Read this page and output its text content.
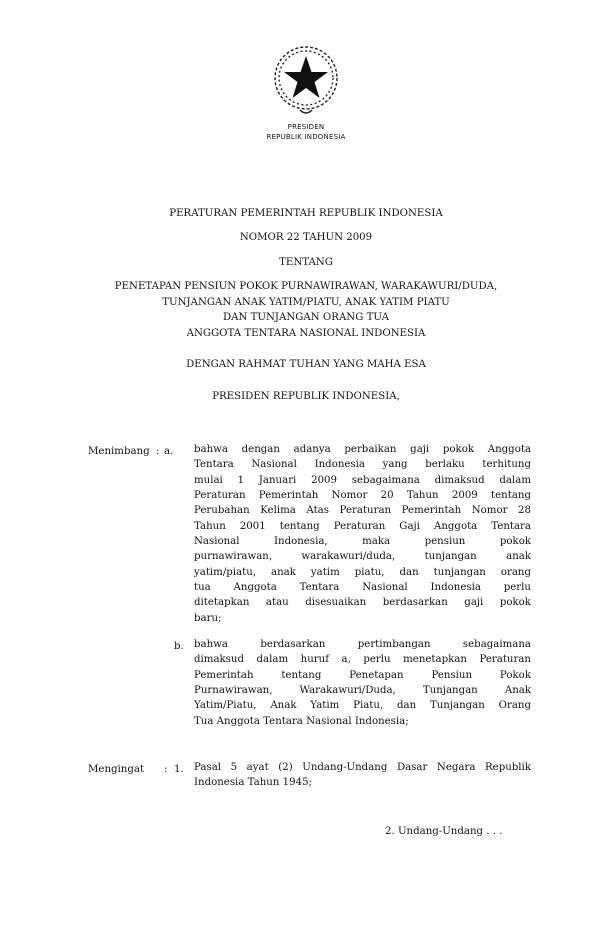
PRESIDEN
REPUBLIK INDONESIA
PERATURAN PEMERINTAH REPUBLIK INDONESIA
NOMOR 22 TAHUN 2009
TENTANG
PENETAPAN PENSIUN POKOK PURNAWIRAWAN, WARAKAWURI/DUDA,
TUNJANGAN ANAK YATIM/PIATU, ANAK YATIM PIATU
DAN TUNJANGAN ORANG TUA
ANGGOTA TENTARA NASIONAL INDONESIA
DENGAN RAHMAT TUHAN YANG MAHA ESA
PRESIDEN REPUBLIK INDONESIA,
Menimbang : a. bahwa dengan adanya perbaikan gaji pokok Anggota
Tentara Nasional Indonesia yang berlaku terhitung
mulai 1 Januari 2009 sebagaimana dimaksud dalam
Peraturan Pemerintah Nomor 20 Tahun 2009 tentang
Perubahan Kelima Atas Peraturan Pemerintah Nomor 28
Tahun 2001 tentang Peraturan Gaji Anggota Tentara
Nasional Indonesia, maka pensiun pokok
purnawirawan, warakawuri/duda, tunjangan anak
yatim/piatu, anak yatim piatu, dan tunjangan orang
tua Anggota Tentara Nasional Indonesia perlu
ditetapkan atau disesuaikan berdasarkan gaji pokok
baru;
b. bahwa berdasarkan pertimbangan sebagaimana
dimaksud dalam huruf a, perlu menetapkan Peraturan
Pemerintah tentang Penetapan Pensiun Pokok
Purnawirawan, Warakawuri/Duda, Tunjangan Anak
Yatim/Piatu, Anak Yatim Piatu, dan Tunjangan Orang
Tua Anggota Tentara Nasional Indonesia;
Mengingat : 1. Pasal 5 ayat (2) Undang-Undang Dasar Negara Republik
Indonesia Tahun 1945;
2. Undang-Undang . . .
